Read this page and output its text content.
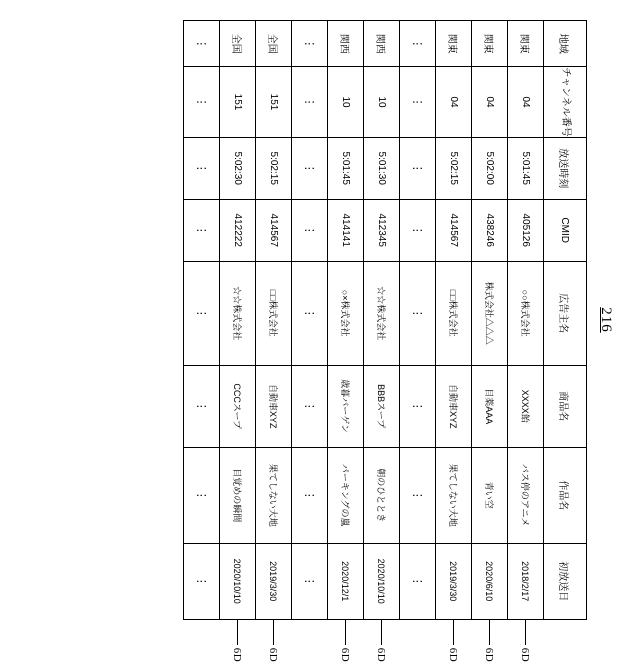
216
地域	チャンネル番号	放送時刻	CMID	広告主名	商品名	作品名	初放送日
関東	04	5:01:45	405126	○○株式会社	XXXX飴	バス停のアニメ	2018/2/17
6D

関東	04	5:02:00	438246	株式会社△△△	目薬AAA	青い空	2020/6/10
6D

関東	04	5:02:15	414567	□□株式会社	自動車XYZ	果てしない大地	2019/3/30
6D

⋮	⋮	⋮	⋮	⋮	⋮	⋮	⋮
関西	10	5:01:30	412345	☆☆株式会社	BBBスープ	朝のひととき	2020/10/10
6D

関西	10	5:01:45	414141	○×株式会社	歳暮バーゲン	パーキングの嵐	2020/12/1
6D

⋮	⋮	⋮	⋮	⋮	⋮	⋮	⋮
全国	151	5:02:15	414567	□□株式会社	自動車XYZ	果てしない大地	2019/3/30
6D

全国	151	5:02:30	412222	☆☆株式会社	CCCスープ	目覚めの瞬間	2020/10/10
6D

⋮	⋮	⋮	⋮	⋮	⋮	⋮	⋮
